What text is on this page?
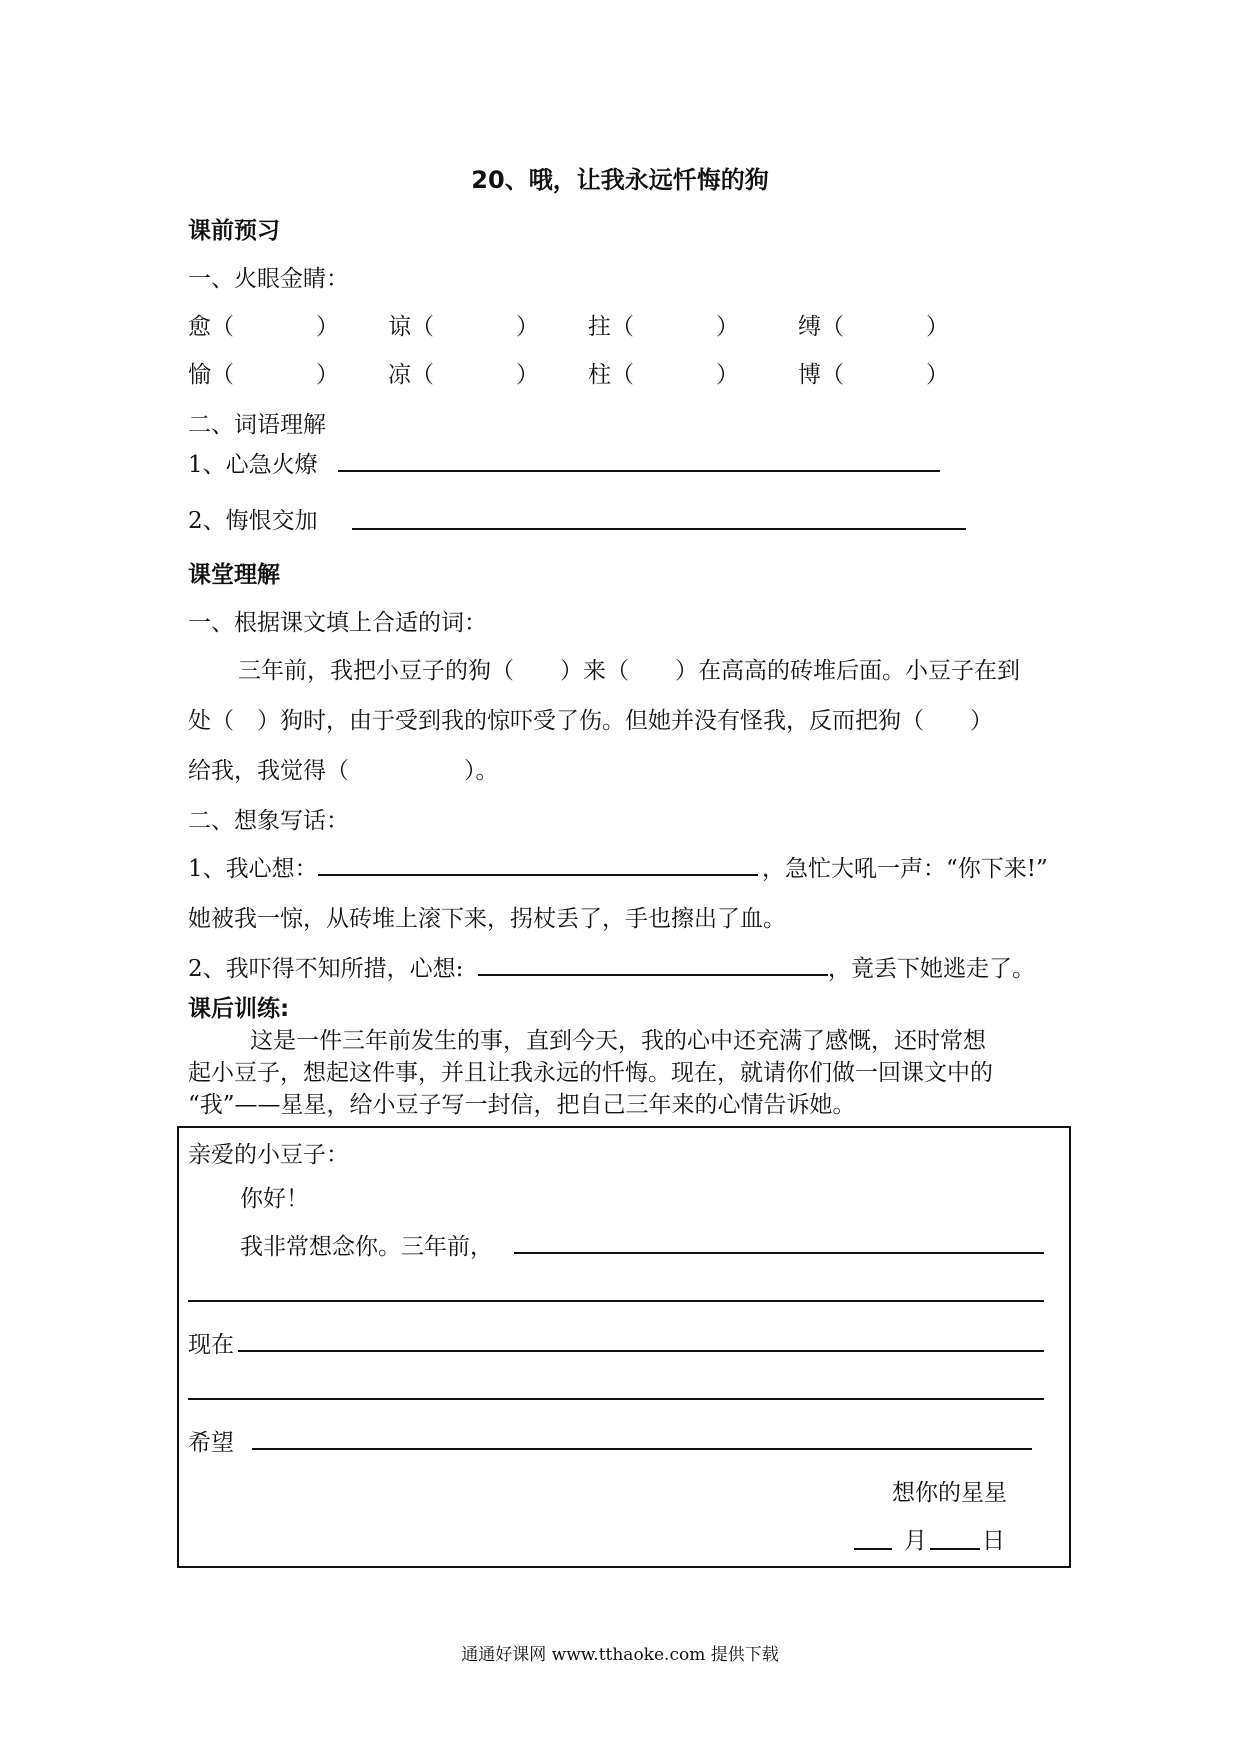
20、哦，让我永远忏悔的狗
课前预习
一、火眼金睛：
愈（	） 谅（	） 拄（	）	缚（	）
愉（	） 凉（	） 柱（	）	博（	）
二、词语理解
1、心急火燎
2、悔恨交加
课堂理解
一、根据课文填上合适的词：
三年前，我把小豆子的狗（　　）来（　　）在高高的砖堆后面。小豆子在到
处（　）狗时，由于受到我的惊吓受了伤。但她并没有怪我，反而把狗（　　）
给我，我觉得（　　　　　）。
二、想象写话：
1、我心想：	，急忙大吼一声：“你下来!”
她被我一惊，从砖堆上滚下来，拐杖丢了，手也擦出了血。
2、我吓得不知所措，心想:	，竟丢下她逃走了。
课后训练:
这是一件三年前发生的事，直到今天，我的心中还充满了感慨，还时常想
起小豆子，想起这件事，并且让我永远的忏悔。现在，就请你们做一回课文中的
“我”——星星，给小豆子写一封信，把自己三年来的心情告诉她。
亲爱的小豆子：
你好！
我非常想念你。三年前，
现在
希望
想你的星星
月 日
通通好课网 www.tthaoke.com 提供下载
